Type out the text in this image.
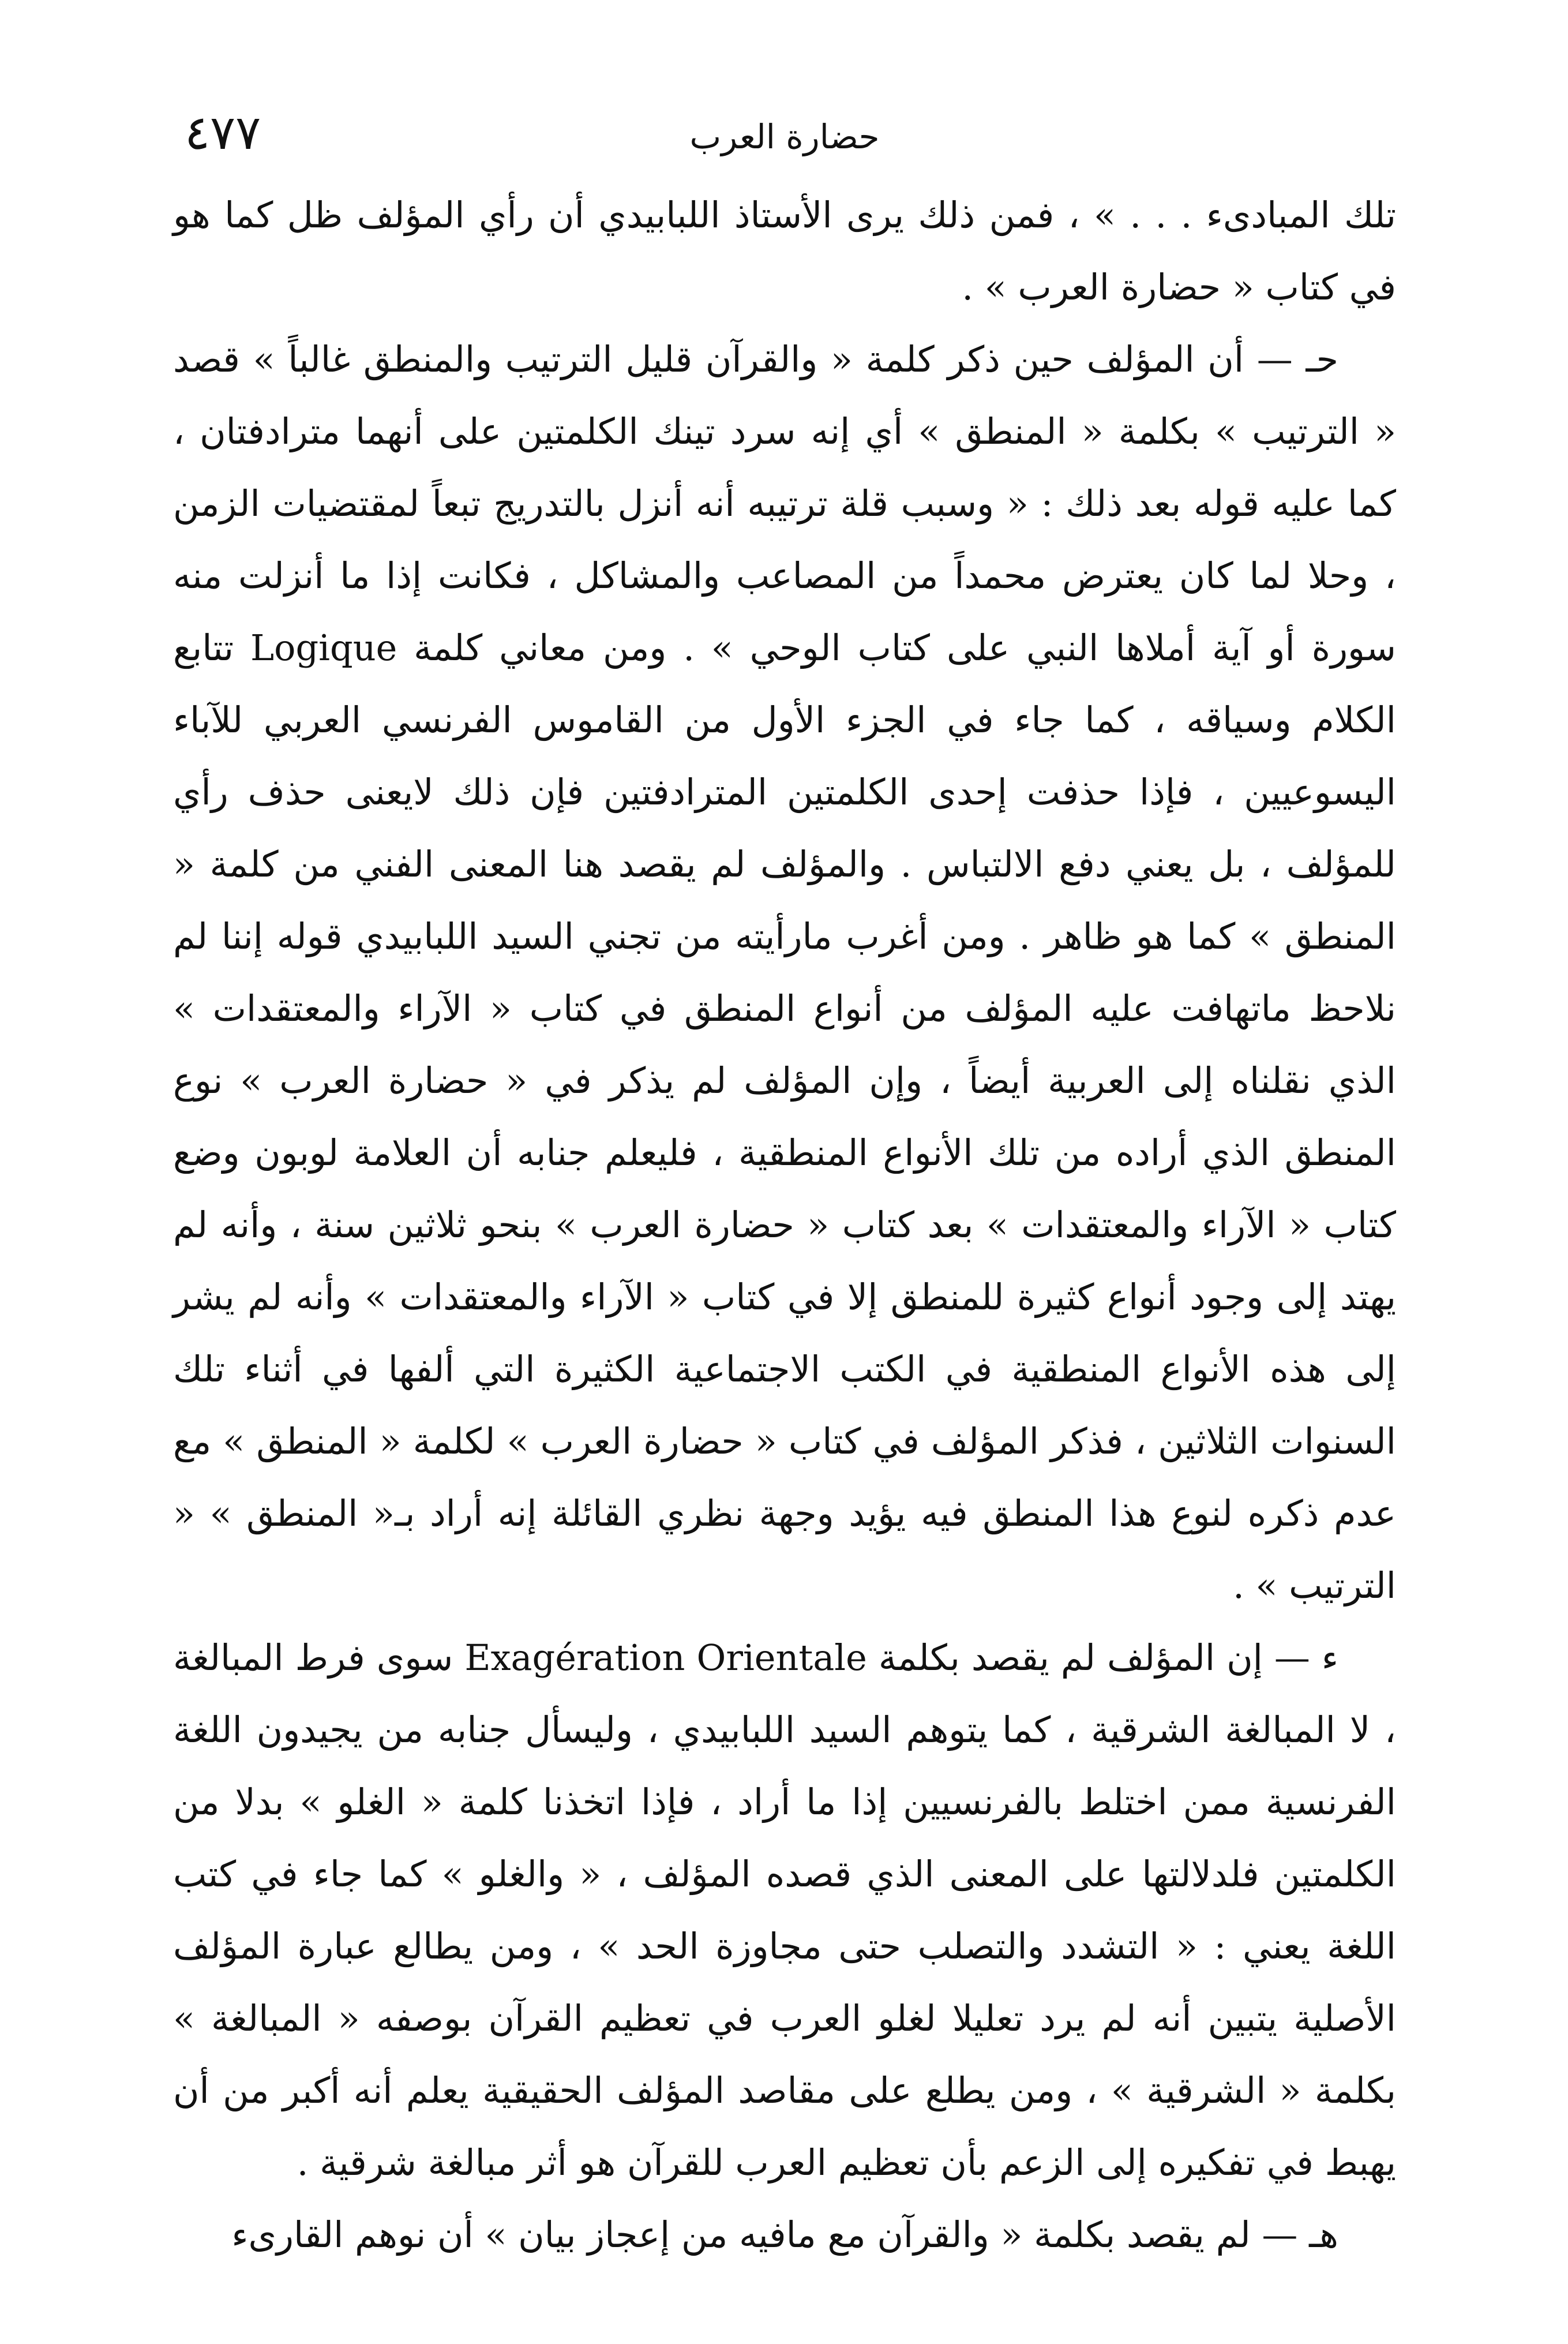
٤٧٧	حضارة العرب

تلك المبادىء . . . » ، فمن ذلك يرى الأستاذ اللبابيدي أن رأي المؤلف ظل كما هو في كتاب « حضارة العرب » .

حـ — أن المؤلف حين ذكر كلمة « والقرآن قليل الترتيب والمنطق غالباً » قصد « الترتيب » بكلمة « المنطق » أي إنه سرد تينك الكلمتين على أنهما مترادفتان ، كما عليه قوله بعد ذلك : « وسبب قلة ترتيبه أنه أنزل بالتدريج تبعاً لمقتضيات الزمن ، وحلا لما كان يعترض محمداً من المصاعب والمشاكل ، فكانت إذا ما أنزلت منه سورة أو آية أملاها النبي على كتاب الوحي » . ومن معاني كلمة Logique تتابع الكلام وسياقه ، كما جاء في الجزء الأول من القاموس الفرنسي العربي للآباء اليسوعيين ، فإذا حذفت إحدى الكلمتين المترادفتين فإن ذلك لايعنى حذف رأي للمؤلف ، بل يعني دفع الالتباس . والمؤلف لم يقصد هنا المعنى الفني من كلمة « المنطق » كما هو ظاهر . ومن أغرب مارأيته من تجني السيد اللبابيدي قوله إننا لم نلاحظ ماتهافت عليه المؤلف من أنواع المنطق في كتاب « الآراء والمعتقدات » الذي نقلناه إلى العربية أيضاً ، وإن المؤلف لم يذكر في « حضارة العرب » نوع المنطق الذي أراده من تلك الأنواع المنطقية ، فليعلم جنابه أن العلامة لوبون وضع كتاب « الآراء والمعتقدات » بعد كتاب « حضارة العرب » بنحو ثلاثين سنة ، وأنه لم يهتد إلى وجود أنواع كثيرة للمنطق إلا في كتاب « الآراء والمعتقدات » وأنه لم يشر إلى هذه الأنواع المنطقية في الكتب الاجتماعية الكثيرة التي ألفها في أثناء تلك السنوات الثلاثين ، فذكر المؤلف في كتاب « حضارة العرب » لكلمة « المنطق » مع عدم ذكره لنوع هذا المنطق فيه يؤيد وجهة نظري القائلة إنه أراد بـ« المنطق » « الترتيب » .

ء — إن المؤلف لم يقصد بكلمة Exagération Orientale سوى فرط المبالغة ، لا المبالغة الشرقية ، كما يتوهم السيد اللبابيدي ، وليسأل جنابه من يجيدون اللغة الفرنسية ممن اختلط بالفرنسيين إذا ما أراد ، فإذا اتخذنا كلمة « الغلو » بدلا من الكلمتين فلدلالتها على المعنى الذي قصده المؤلف ، « والغلو » كما جاء في كتب اللغة يعني : « التشدد والتصلب حتى مجاوزة الحد » ، ومن يطالع عبارة المؤلف الأصلية يتبين أنه لم يرد تعليلا لغلو العرب في تعظيم القرآن بوصفه « المبالغة » بكلمة « الشرقية » ، ومن يطلع على مقاصد المؤلف الحقيقية يعلم أنه أكبر من أن يهبط في تفكيره إلى الزعم بأن تعظيم العرب للقرآن هو أثر مبالغة شرقية .

هـ — لم يقصد بكلمة « والقرآن مع مافيه من إعجاز بيان » أن نوهم القارىء
